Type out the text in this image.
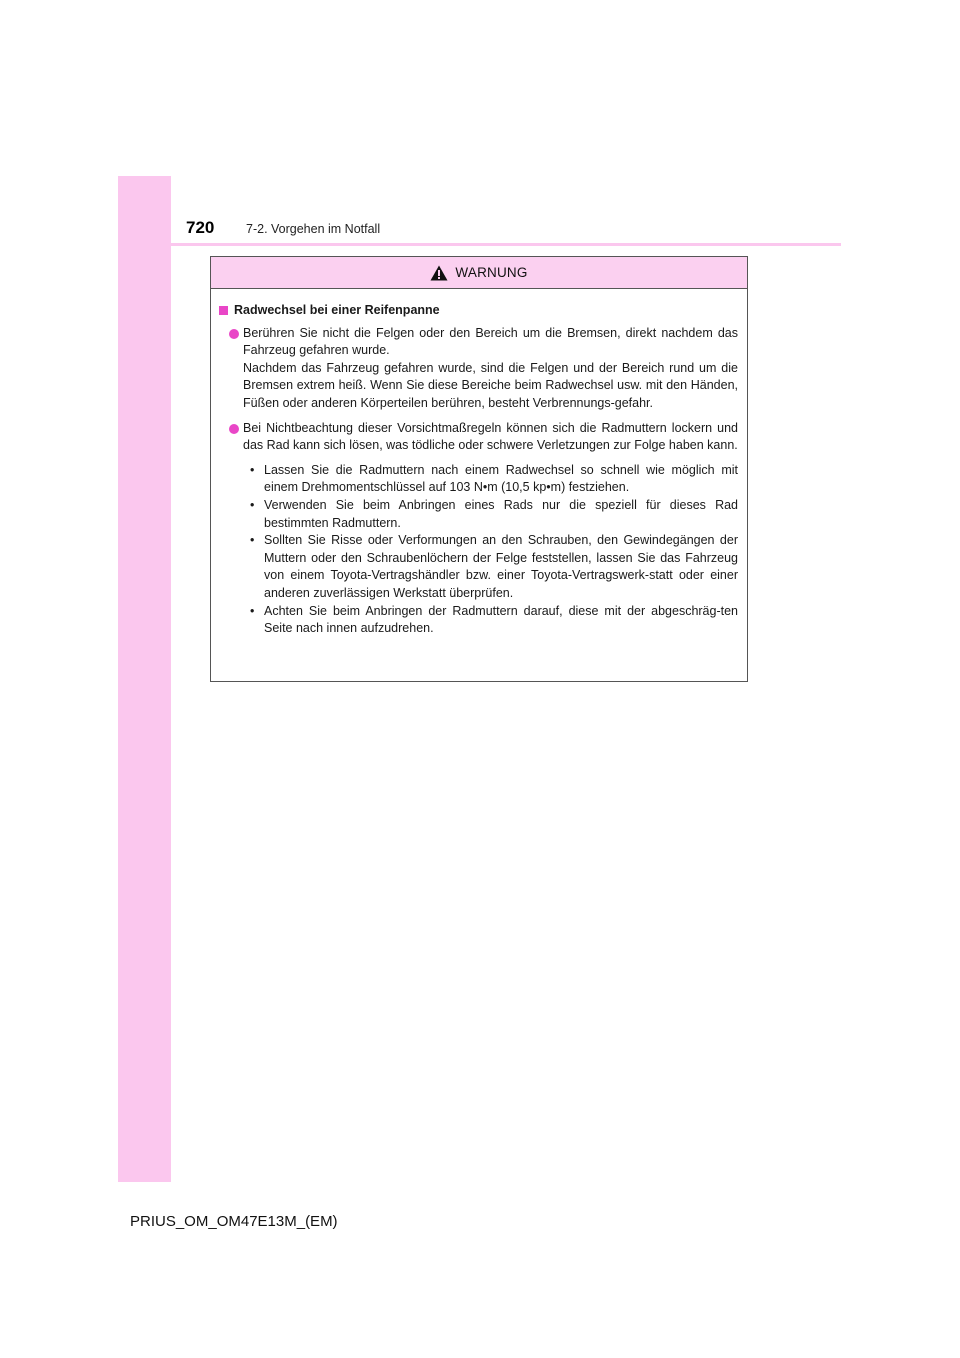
720	7-2. Vorgehen im Notfall
WARNUNG
Radwechsel bei einer Reifenpanne

Berühren Sie nicht die Felgen oder den Bereich um die Bremsen, direkt nachdem das Fahrzeug gefahren wurde.

Nachdem das Fahrzeug gefahren wurde, sind die Felgen und der Bereich rund um die Bremsen extrem heiß. Wenn Sie diese Bereiche beim Radwechsel usw. mit den Händen, Füßen oder anderen Körperteilen berühren, besteht Verbrennungs-gefahr.

Bei Nichtbeachtung dieser Vorsichtmaßregeln können sich die Radmuttern lockern und das Rad kann sich lösen, was tödliche oder schwere Verletzungen zur Folge haben kann.

• Lassen Sie die Radmuttern nach einem Radwechsel so schnell wie möglich mit einem Drehmomentschlüssel auf 103 N•m (10,5 kp•m) festziehen.
• Verwenden Sie beim Anbringen eines Rads nur die speziell für dieses Rad bestimmten Radmuttern.
• Sollten Sie Risse oder Verformungen an den Schrauben, den Gewindegängen der Muttern oder den Schraubenlöchern der Felge feststellen, lassen Sie das Fahrzeug von einem Toyota-Vertragshändler bzw. einer Toyota-Vertragswerk-statt oder einer anderen zuverlässigen Werkstatt überprüfen.
• Achten Sie beim Anbringen der Radmuttern darauf, diese mit der abgeschräg-ten Seite nach innen aufzudrehen.
PRIUS_OM_OM47E13M_(EM)
